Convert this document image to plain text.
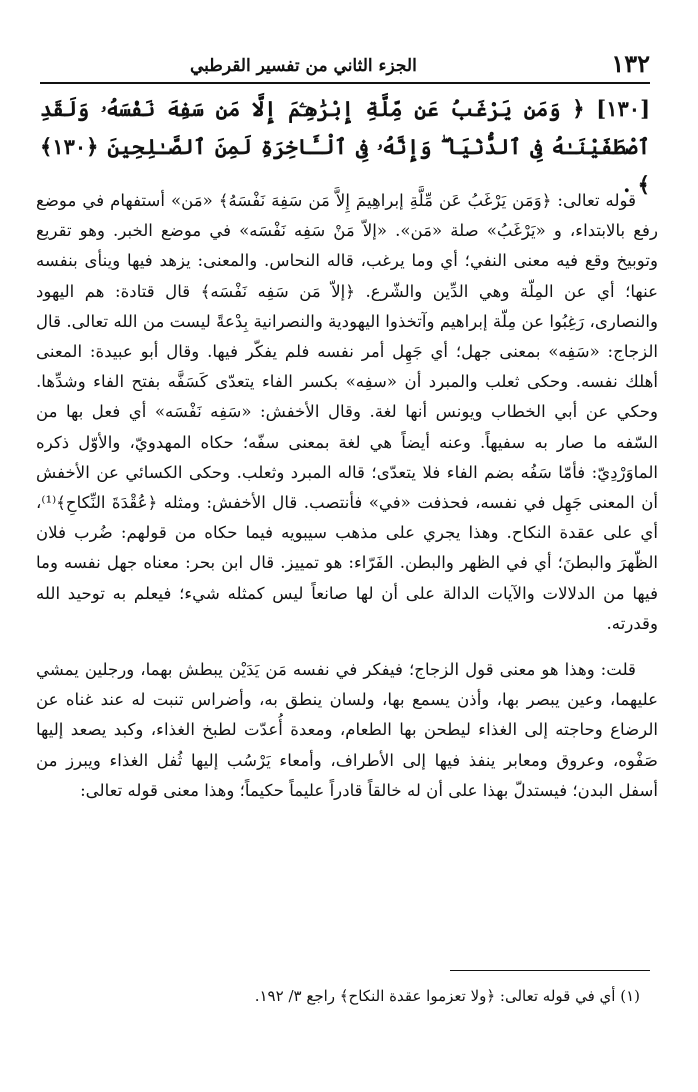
١٣٢
الجزء الثاني من تفسير القرطبي
[١٣٠] ﴿ وَمَن يَرْغَبُ عَن مِّلَّةِ إِبْرَٰهِـۧمَ إِلَّا مَن سَفِهَ نَفْسَهُۥ وَلَقَدِ ٱصْطَفَيْنَـٰهُ فِى ٱلدُّنْيَا ۖ وَإِنَّهُۥ فِى ٱلْـَٔاخِرَةِ لَمِنَ ٱلصَّـٰلِحِينَ ﴿١٣٠﴾ ﴾ .

قوله تعالى: ﴿وَمَن يَرْغَبُ عَن مِّلَّةِ إبراهِيمَ إِلاَّ مَن سَفِهَ نَفْسَهُ﴾ «مَن» أستفهام في موضع رفع بالابتداء، و «يَرْغَبُ» صلة «مَن». «إلاّ مَنْ سَفِه نَفْسَه» في موضع الخبر. وهو تقريع وتوبيخ وقع فيه معنى النفي؛ أي وما يرغب، قاله النحاس. والمعنى: يزهد فيها وينأى بنفسه عنها؛ أي عن المِلّة وهي الدِّين والشّرع. ﴿إلاّ مَن سَفِه نَفْسَه﴾ قال قتادة: هم اليهود والنصارى، رَغِبُوا عن مِلّة إبراهيم وآتخذوا اليهودية والنصرانية بِدْعةً ليست من الله تعالى. قال الزجاج: «سَفِه» بمعنى جهل؛ أي جَهِل أمر نفسه فلم يفكّر فيها. وقال أبو عبيدة: المعنى أهلك نفسه. وحكى ثعلب والمبرد أن «سفِه» بكسر الفاء يتعدّى كَسَفَّه بفتح الفاء وشدِّها. وحكي عن أبي الخطاب ويونس أنها لغة. وقال الأخفش: «سَفِه نَفْسَه» أي فعل بها من السّفه ما صار به سفيهاً. وعنه أيضاً هي لغة بمعنى سفّه؛ حكاه المهدويّ، والأوّل ذكره الماوَرْدِيّ: فأمّا سَفُه بضم الفاء فلا يتعدّى؛ قاله المبرد وثعلب. وحكى الكسائي عن الأخفش أن المعنى جَهِل في نفسه، فحذفت «في» فأنتصب. قال الأخفش: ومثله ﴿عُقْدَةَ النِّكاحِ﴾⁽¹⁾، أي على عقدة النكاح. وهذا يجري على مذهب سيبويه فيما حكاه من قولهم: ضُرب فلان الظّهرَ والبطنَ؛ أي في الظهر والبطن. الفَرّاء: هو تمييز. قال ابن بحر: معناه جهل نفسه وما فيها من الدلالات والآيات الدالة على أن لها صانعاً ليس كمثله شيء؛ فيعلم به توحيد الله وقدرته.

قلت: وهذا هو معنى قول الزجاج؛ فيفكر في نفسه مَن يَدَيْن يبطش بهما، ورجلين يمشي عليهما، وعين يبصر بها، وأذن يسمع بها، ولسان ينطق به، وأضراس تنبت له عند غناه عن الرضاع وحاجته إلى الغذاء ليطحن بها الطعام، ومعدة أُعدّت لطبخ الغذاء، وكبد يصعد إليها صَفْوه، وعروق ومعابر ينفذ فيها إلى الأطراف، وأمعاء يَرْسُب إليها ثُفل الغذاء ويبرز من أسفل البدن؛ فيستدلّ بهذا على أن له خالقاً قادراً عليماً حكيماً؛ وهذا معنى قوله تعالى:

(١) أي في قوله تعالى: ﴿ولا تعزموا عقدة النكاح﴾ راجع ٣/ ١٩٢.
